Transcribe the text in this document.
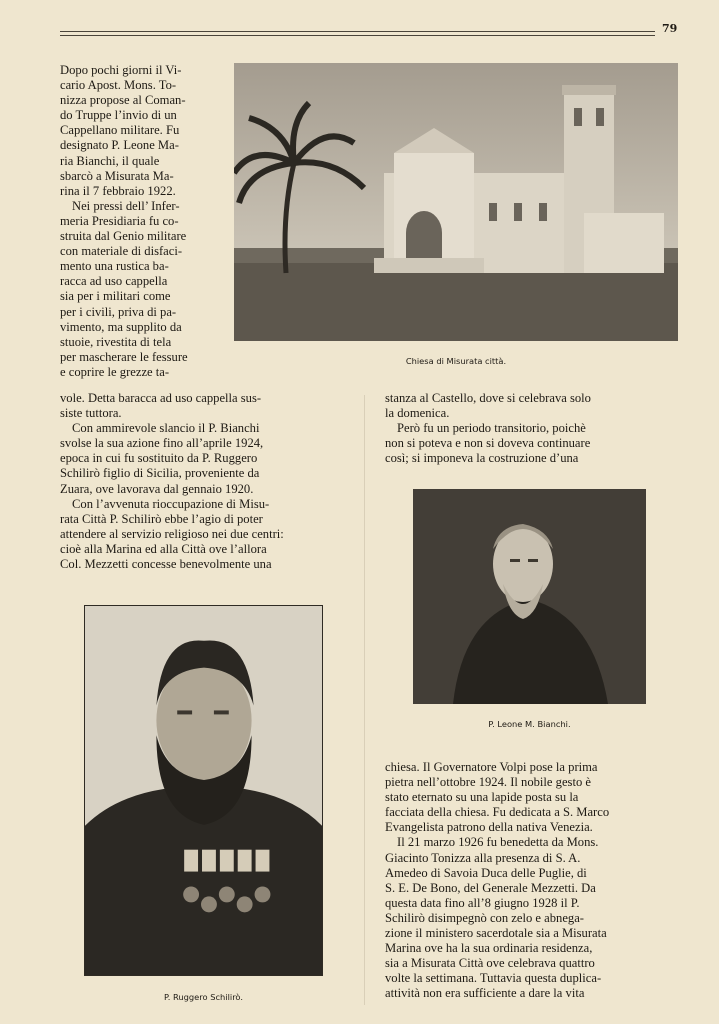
79
Dopo pochi giorni il Vi-
cario Apost. Mons. To-
nizza propose al Coman-
do Truppe l’invio di un
Cappellano militare. Fu
designato P. Leone Ma-
ria Bianchi, il quale
sbarcò a Misurata Ma-
rina il 7 febbraio 1922.
Nei pressi dell’ Infer-
meria Presidiaria fu co-
struita dal Genio militare
con materiale di disfaci-
mento una rustica ba-
racca ad uso cappella
sia per i militari come
per i civili, priva di pa-
vimento, ma supplito da
stuoie, rivestita di tela
per mascherare le fessure
e coprire le grezze ta-
Chiesa di Misurata città.
vole. Detta baracca ad uso cappella sus-
siste tuttora.
Con ammirevole slancio il P. Bianchi
svolse la sua azione fino all’aprile 1924,
epoca in cui fu sostituito da P. Ruggero
Schilirò figlio di Sicilia, proveniente da
Zuara, ove lavorava dal gennaio 1920.
Con l’avvenuta rioccupazione di Misu-
rata Città P. Schilirò ebbe l’agio di poter
attendere al servizio religioso nei due centri:
cioè alla Marina ed alla Città ove l’allora
Col. Mezzetti concesse benevolmente una
stanza al Castello, dove si celebrava solo
la domenica.
Però fu un periodo transitorio, poichè
non si poteva e non si doveva continuare
così; si imponeva la costruzione d’una
P. Leone M. Bianchi.
P. Ruggero Schilirò.
chiesa. Il Governatore Volpi pose la prima
pietra nell’ottobre 1924. Il nobile gesto è
stato eternato su una lapide posta su la
facciata della chiesa. Fu dedicata a S. Marco
Evangelista patrono della nativa Venezia.
Il 21 marzo 1926 fu benedetta da Mons.
Giacinto Tonizza alla presenza di S. A.
Amedeo di Savoia Duca delle Puglie, di
S. E. De Bono, del Generale Mezzetti. Da
questa data fino all’8 giugno 1928 il P.
Schilirò disimpegnò con zelo e abnega-
zione il ministero sacerdotale sia a Misurata
Marina ove ha la sua ordinaria residenza,
sia a Misurata Città ove celebrava quattro
volte la settimana. Tuttavia questa duplica-
attività non era sufficiente a dare la vita
